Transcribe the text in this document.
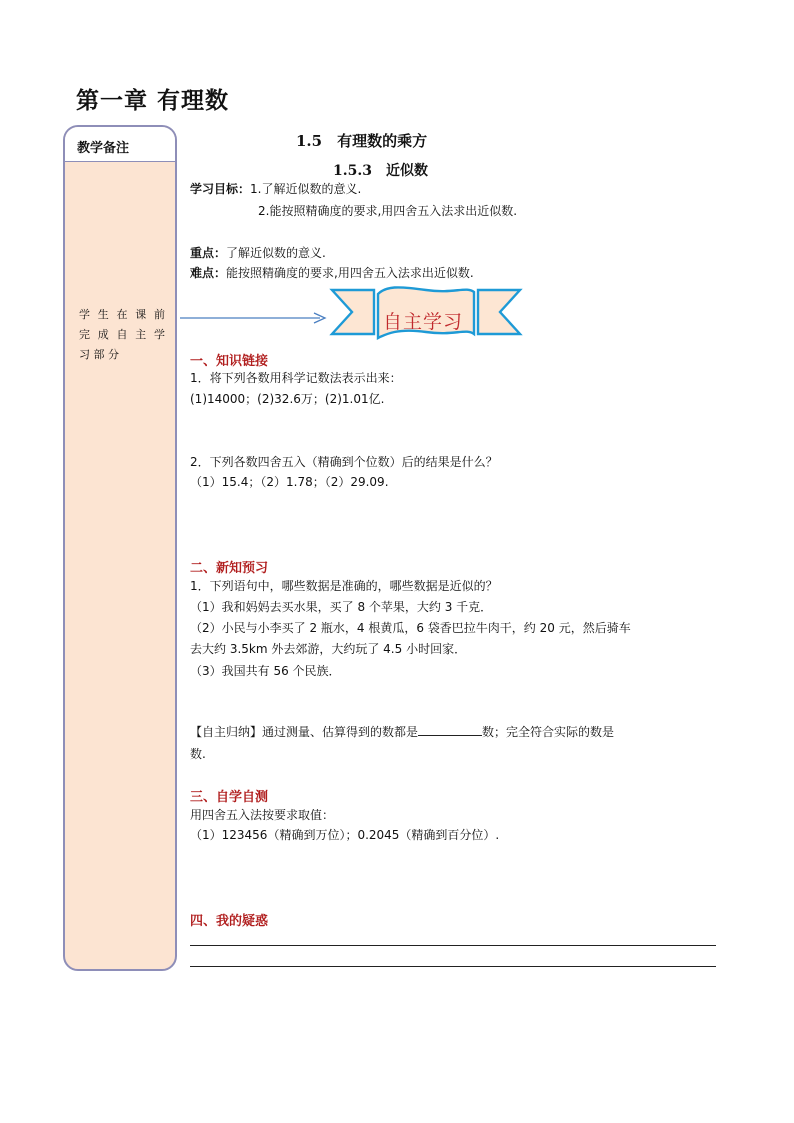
第一章 有理数
教学备注
学 生 在 课 前
完 成 自 主 学
习 部 分
1.5　有理数的乘方
1.5.3　近似数
学习目标：1.了解近似数的意义.
2.能按照精确度的要求,用四舍五入法求出近似数.
重点：了解近似数的意义.
难点：能按照精确度的要求,用四舍五入法求出近似数.
自主学习
一、知识链接
1．将下列各数用科学记数法表示出来：
(1)14000；(2)32.6万；(2)1.01亿.
2．下列各数四舍五入（精确到个位数）后的结果是什么？
（1）15.4；（2）1.78；（2）29.09.
二、新知预习
1．下列语句中，哪些数据是准确的，哪些数据是近似的？
（1）我和妈妈去买水果，买了 8 个苹果，大约 3 千克．
（2）小民与小李买了 2 瓶水，4 根黄瓜，6 袋香巴拉牛肉干，约 20 元，然后骑车
去大约 3.5km 外去郊游，大约玩了 4.5 小时回家．
（3）我国共有 56 个民族．
【自主归纳】通过测量、估算得到的数都是	数；完全符合实际的数是
数.
三、自学自测
用四舍五入法按要求取值：
（1）123456（精确到万位）；0.2045（精确到百分位）.
四、我的疑惑
